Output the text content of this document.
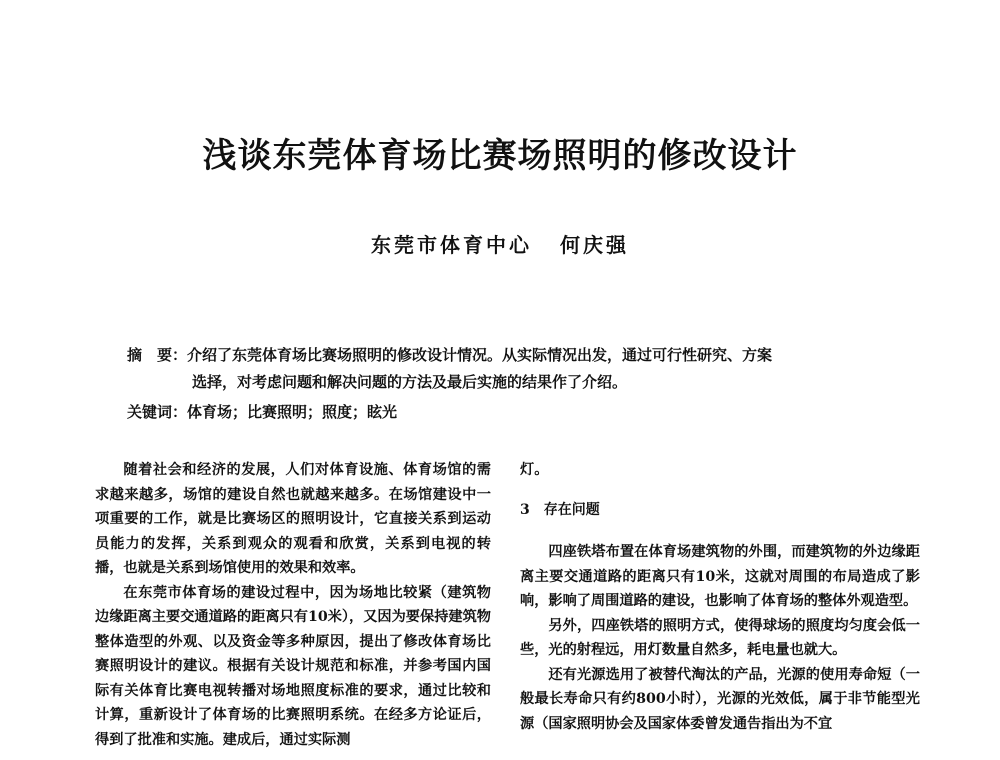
浅谈东莞体育场比赛场照明的修改设计
东莞市体育中心 何庆强
摘　要：介绍了东莞体育场比赛场照明的修改设计情况。从实际情况出发，通过可行性研究、方案
选择，对考虑问题和解决问题的方法及最后实施的结果作了介绍。
关键词：体育场；比赛照明；照度；眩光

随着社会和经济的发展，人们对体育设施、体育场馆的需求越来越多，场馆的建设自然也就越来越多。在场馆建设中一项重要的工作，就是比赛场区的照明设计，它直接关系到运动员能力的发挥，关系到观众的观看和欣赏，关系到电视的转播，也就是关系到场馆使用的效果和效率。

在东莞市体育场的建设过程中，因为场地比较紧（建筑物边缘距离主要交通道路的距离只有10米），又因为要保持建筑物整体造型的外观、以及资金等多种原因，提出了修改体育场比赛照明设计的建议。根据有关设计规范和标准，并参考国内国际有关体育比赛电视转播对场地照度标准的要求，通过比较和计算，重新设计了体育场的比赛照明系统。在经多方论证后，得到了批准和实施。建成后，通过实际测

灯。

3 存在问题

四座铁塔布置在体育场建筑物的外围，而建筑物的外边缘距离主要交通道路的距离只有10米，这就对周围的布局造成了影响，影响了周围道路的建设，也影响了体育场的整体外观造型。

另外，四座铁塔的照明方式，使得球场的照度均匀度会低一些，光的射程远，用灯数量自然多，耗电量也就大。

还有光源选用了被替代淘汰的产品，光源的使用寿命短（一般最长寿命只有约800小时），光源的光效低，属于非节能型光源（国家照明协会及国家体委曾发通告指出为不宜
